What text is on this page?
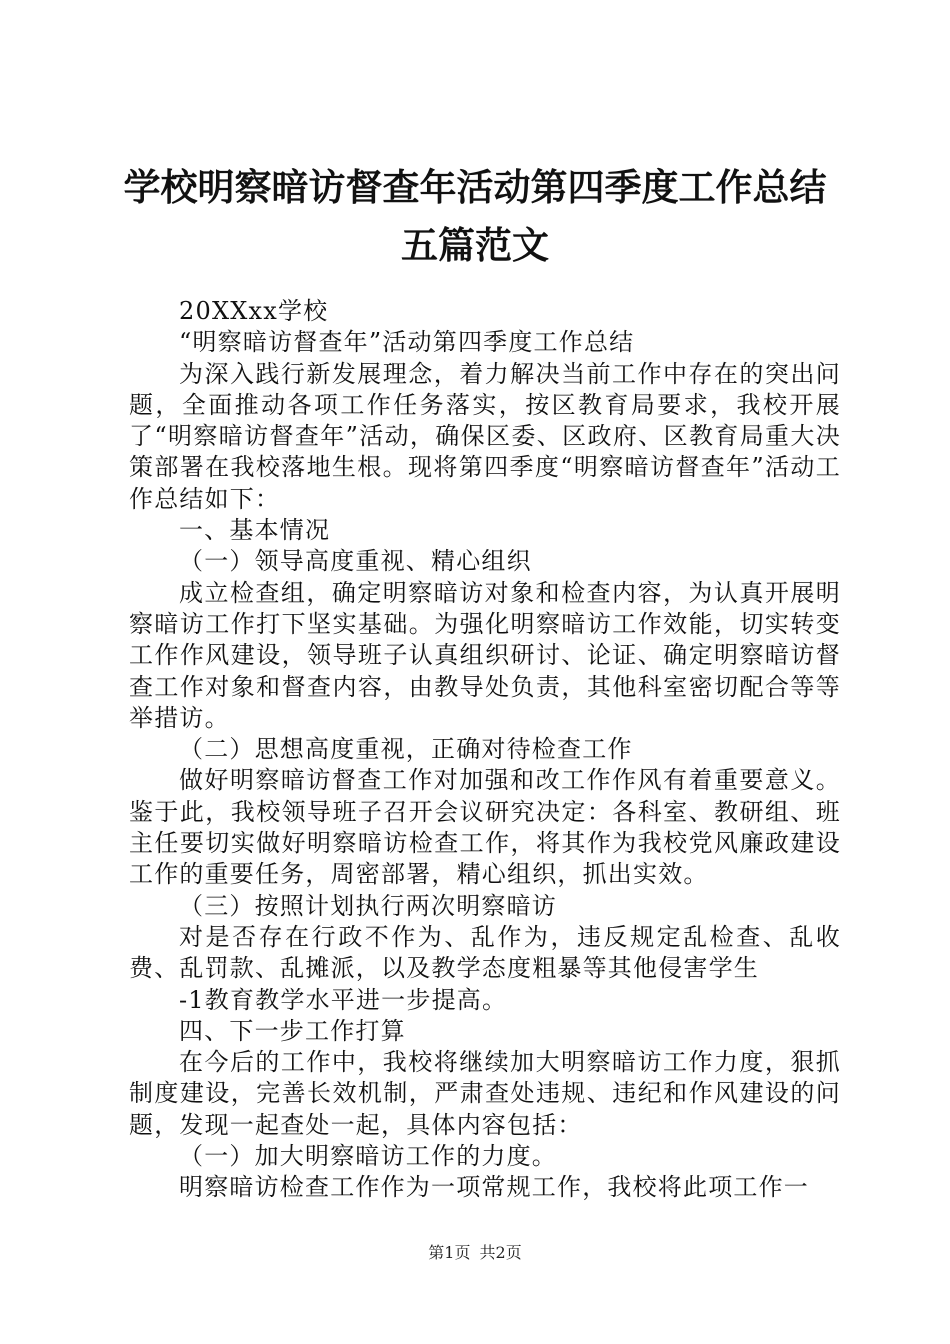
学校明察暗访督查年活动第四季度工作总结五篇范文

20XXxx学校

“明察暗访督查年”活动第四季度工作总结

为深入践行新发展理念，着力解决当前工作中存在的突出问题，全面推动各项工作任务落实，按区教育局要求，我校开展了“明察暗访督查年”活动，确保区委、区政府、区教育局重大决策部署在我校落地生根。现将第四季度“明察暗访督查年”活动工作总结如下：

一、基本情况

（一）领导高度重视、精心组织

成立检查组，确定明察暗访对象和检查内容，为认真开展明察暗访工作打下坚实基础。为强化明察暗访工作效能，切实转变工作作风建设，领导班子认真组织研讨、论证、确定明察暗访督查工作对象和督查内容，由教导处负责，其他科室密切配合等等举措访。

（二）思想高度重视，正确对待检查工作

做好明察暗访督查工作对加强和改工作作风有着重要意义。鉴于此，我校领导班子召开会议研究决定：各科室、教研组、班主任要切实做好明察暗访检查工作，将其作为我校党风廉政建设工作的重要任务，周密部署，精心组织，抓出实效。

（三）按照计划执行两次明察暗访

对是否存在行政不作为、乱作为，违反规定乱检查、乱收费、乱罚款、乱摊派，以及教学态度粗暴等其他侵害学生

-1教育教学水平进一步提高。

四、下一步工作打算

在今后的工作中，我校将继续加大明察暗访工作力度，狠抓制度建设，完善长效机制，严肃查处违规、违纪和作风建设的问题，发现一起查处一起，具体内容包括：

（一）加大明察暗访工作的力度。

明察暗访检查工作作为一项常规工作，我校将此项工作一

第1页 共2页
